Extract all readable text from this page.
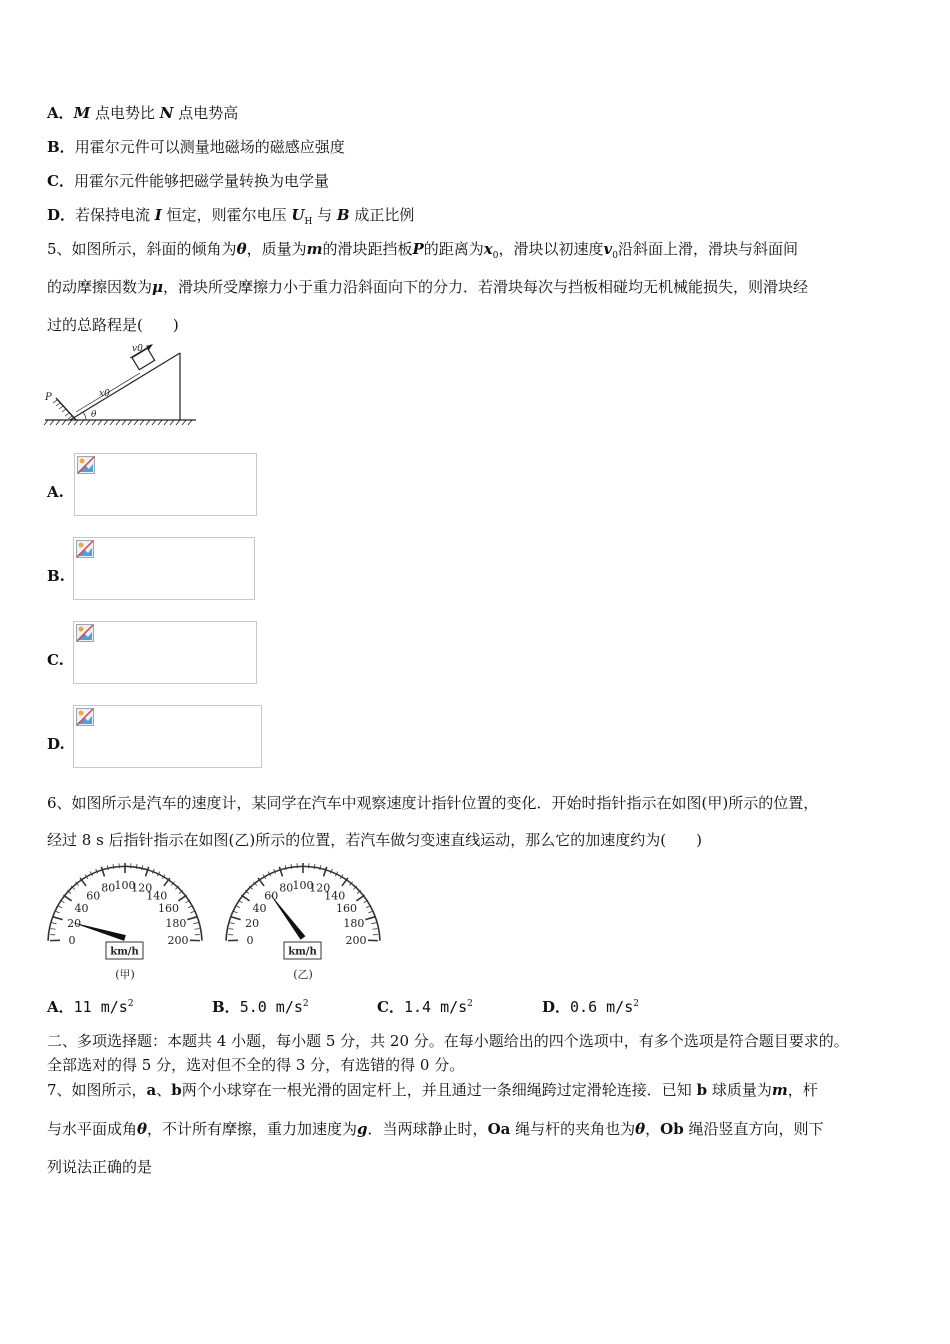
A．M 点电势比 N 点电势高
B．用霍尔元件可以测量地磁场的磁感应强度
C．用霍尔元件能够把磁学量转换为电学量
D．若保持电流 I 恒定，则霍尔电压 $U_H$ 与 B 成正比例
5、如图所示，斜面的倾角为θ，质量为m的滑块距挡板P的距离为$x_0$，滑块以初速度$v_0$沿斜面上滑，滑块与斜面间
的动摩擦因数为μ，滑块所受摩擦力小于重力沿斜面向下的分力．若滑块每次与挡板相碰均无机械能损失，则滑块经
过的总路程是(　　)
v0
x0
P
θ
A.
B.
C.
D.
6、如图所示是汽车的速度计，某同学在汽车中观察速度计指针位置的变化．开始时指针指示在如图(甲)所示的位置，
经过 8 s 后指针指示在如图(乙)所示的位置，若汽车做匀变速直线运动，那么它的加速度约为(　　)
0
20
40
60
80 100
120
140
160
180
200
km/h
(甲)
0
20
40
60
80 100
120
140
160
180
200
km/h
(乙)
A．11 $m/s^2$	B．5.0 $m/s^2$	C．1.4 $m/s^2$	D．0.6 $m/s^2$
二、多项选择题：本题共 4 小题，每小题 5 分，共 20 分。在每小题给出的四个选项中，有多个选项是符合题目要求的。
全部选对的得 5 分，选对但不全的得 3 分，有选错的得 0 分。
7、如图所示，a、b两个小球穿在一根光滑的固定杆上，并且通过一条细绳跨过定滑轮连接．已知 b 球质量为m，杆
与水平面成角θ，不计所有摩擦，重力加速度为g．当两球静止时，Oa 绳与杆的夹角也为θ，Ob 绳沿竖直方向，则下
列说法正确的是
